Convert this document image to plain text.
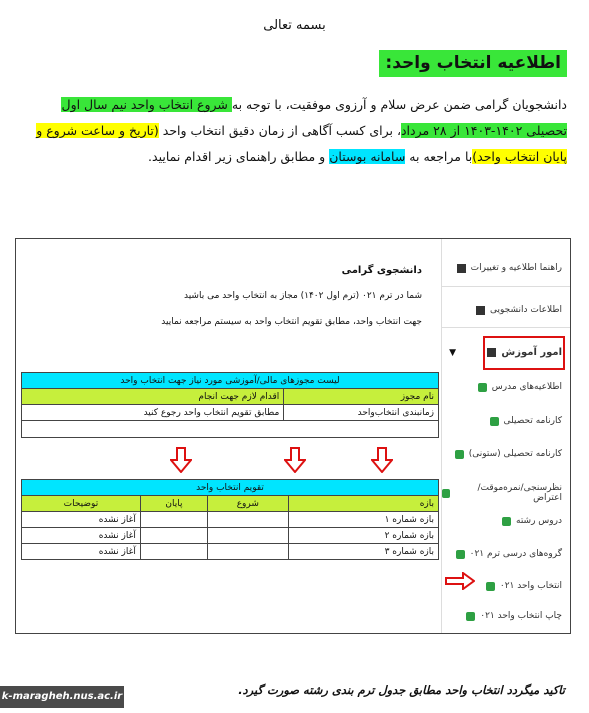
بسمه تعالی
اطلاعیه انتخاب واحد:
دانشجویان گرامی ضمن عرض سلام و آرزوی موفقیت، با توجه به شروع انتخاب واحد نیم سال اول تحصیلی ۱۴۰۲-۱۴۰۳ از ۲۸ مرداد، برای کسب آگاهی از زمان دقیق انتخاب واحد (تاریخ و ساعت شروع و پایان انتخاب واحد)با مراجعه به سامانه بوستان و مطابق راهنمای زیر اقدام نمایید.
راهنما اطلاعیه و تغییرات
اطلاعات دانشجویی
امور آموزش
▼
اطلاعیه‌های مدرس
کارنامه تحصیلی
کارنامه تحصیلی (ستونی)
نظرسنجی/نمره‌موقت/اعتراض
دروس رشته
گروه‌های درسی ترم ۰۲۱
انتخاب واحد ۰۲۱
چاپ انتخاب واحد ۰۲۱
دانشجوی گرامی
شما در ترم ۰۲۱ (ترم اول ۱۴۰۲) مجاز به انتخاب واحد می باشید
جهت انتخاب واحد، مطابق تقویم انتخاب واحد به سیستم مراجعه نمایید
لیست مجوزهای مالی/آموزشی مورد نیاز جهت انتخاب واحد	
نام مجوز	اقدام لازم جهت انجام
زمانبندی انتخاب‌واحد	مطابق تقویم انتخاب واحد رجوع کنید

تقویم انتخاب واحد			
بازه	شروع	پایان	توضیحات
بازه شماره ۱			آغاز نشده
بازه شماره ۲			آغاز نشده
بازه شماره ۳			آغاز نشده
تاکید میگردد انتخاب واحد مطابق جدول ترم بندی رشته صورت گیرد.
k-maragheh.nus.ac.ir
